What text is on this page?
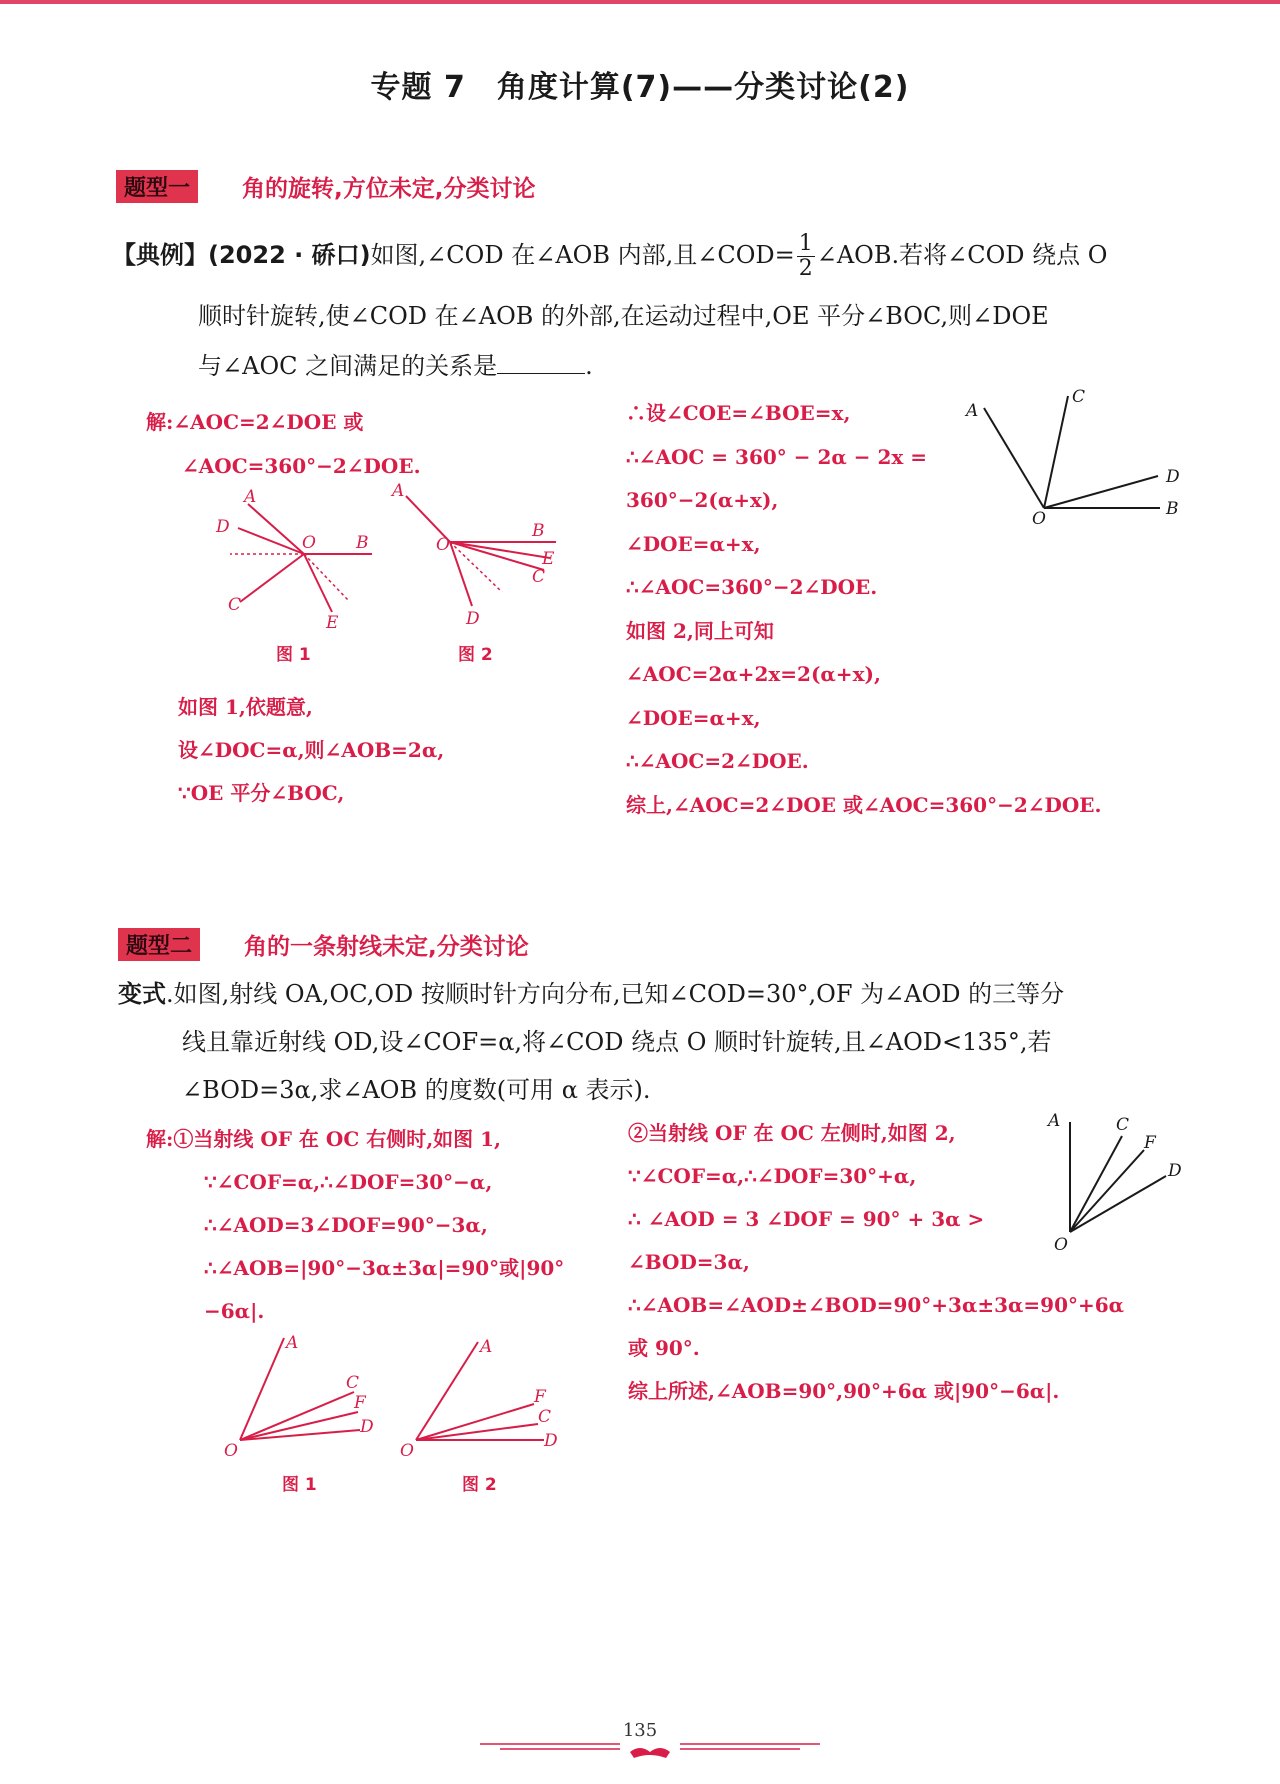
专题 7　角度计算(7)——分类讨论(2)
题型一	角的旋转,方位未定,分类讨论
【典例】(2022 · 硚口)如图,∠COD 在∠AOB 内部,且∠COD= $\frac{1}{2}$ ∠AOB.若将∠COD 绕点 O
顺时针旋转,使∠COD 在∠AOB 的外部,在运动过程中,OE 平分∠BOC,则∠DOE
与∠AOC 之间满足的关系是	.
解:∠AOC=2∠DOE 或
∠AOC=360°−2∠DOE.
A
D
O B
C
E
图 1
A
O
B
E
C
D
图 2
如图 1,依题意,
设∠DOC=α,则∠AOB=2α,
∵OE 平分∠BOC,
∴设∠COE=∠BOE=x,
∴∠AOC = 360° − 2α − 2x =
360°−2(α+x),
∠DOE=α+x,
∴∠AOC=360°−2∠DOE.
如图 2,同上可知
∠AOC=2α+2x=2(α+x),
∠DOE=α+x,
∴∠AOC=2∠DOE.
综上,∠AOC=2∠DOE 或∠AOC=360°−2∠DOE.
A
C
D
B
O
题型二	角的一条射线未定,分类讨论
变式.如图,射线 OA,OC,OD 按顺时针方向分布,已知∠COD=30°,OF 为∠AOD 的三等分
线且靠近射线 OD,设∠COF=α,将∠COD 绕点 O 顺时针旋转,且∠AOD<135°,若
∠BOD=3α,求∠AOB 的度数(可用 α 表示).
解:①当射线 OF 在 OC 右侧时,如图 1,
∵∠COF=α,∴∠DOF=30°−α,
∴∠AOD=3∠DOF=90°−3α,
∴∠AOB=|90°−3α±3α|=90°或|90°
−6α|.
A
C
F
D
O
图 1
A
F
C
D
O
图 2
②当射线 OF 在 OC 左侧时,如图 2,
∵∠COF=α,∴∠DOF=30°+α,
∴ ∠AOD = 3 ∠DOF = 90° + 3α >
∠BOD=3α,
∴∠AOB=∠AOD±∠BOD=90°+3α±3α=90°+6α
或 90°.
综上所述,∠AOB=90°,90°+6α 或|90°−6α|.
A	C
F
D
O
135
